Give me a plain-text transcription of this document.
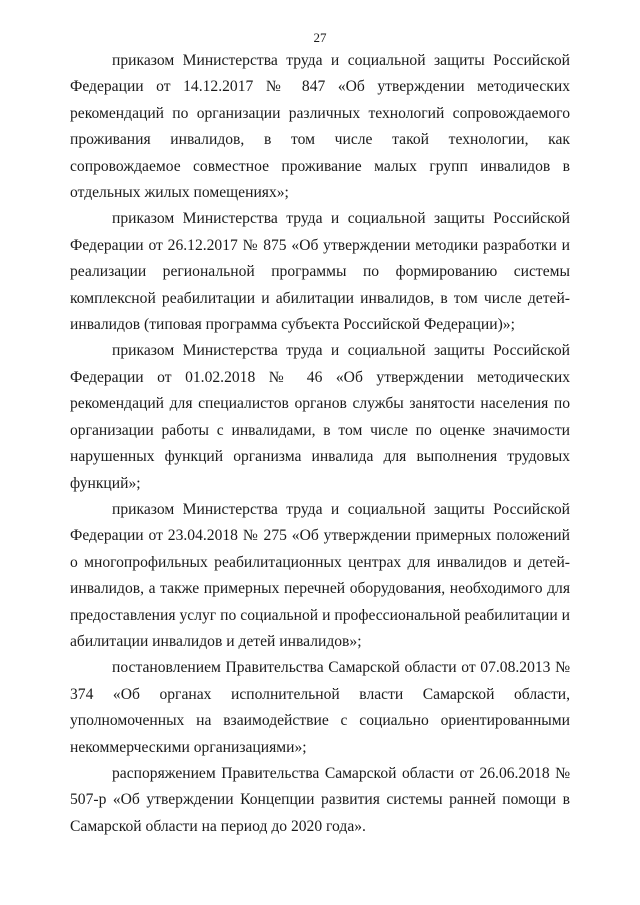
27

приказом Министерства труда и социальной защиты Российской Федерации от 14.12.2017 № 847 «Об утверждении методических рекомендаций по организации различных технологий сопровождаемого проживания инвалидов, в том числе такой технологии, как сопровождаемое совместное проживание малых групп инвалидов в отдельных жилых помещениях»;

приказом Министерства труда и социальной защиты Российской Федерации от 26.12.2017 № 875 «Об утверждении методики разработки и реализации региональной программы по формированию системы комплексной реабилитации и абилитации инвалидов, в том числе детей-инвалидов (типовая программа субъекта Российской Федерации)»;

приказом Министерства труда и социальной защиты Российской Федерации от 01.02.2018 № 46 «Об утверждении методических рекомендаций для специалистов органов службы занятости населения по организации работы с инвалидами, в том числе по оценке значимости нарушенных функций организма инвалида для выполнения трудовых функций»;

приказом Министерства труда и социальной защиты Российской Федерации от 23.04.2018 № 275 «Об утверждении примерных положений о многопрофильных реабилитационных центрах для инвалидов и детей-инвалидов, а также примерных перечней оборудования, необходимого для предоставления услуг по социальной и профессиональной реабилитации и абилитации инвалидов и детей инвалидов»;

постановлением Правительства Самарской области от 07.08.2013 № 374 «Об органах исполнительной власти Самарской области, уполномоченных на взаимодействие с социально ориентированными некоммерческими организациями»;

распоряжением Правительства Самарской области от 26.06.2018 № 507-р «Об утверждении Концепции развития системы ранней помощи в Самарской области на период до 2020 года».
